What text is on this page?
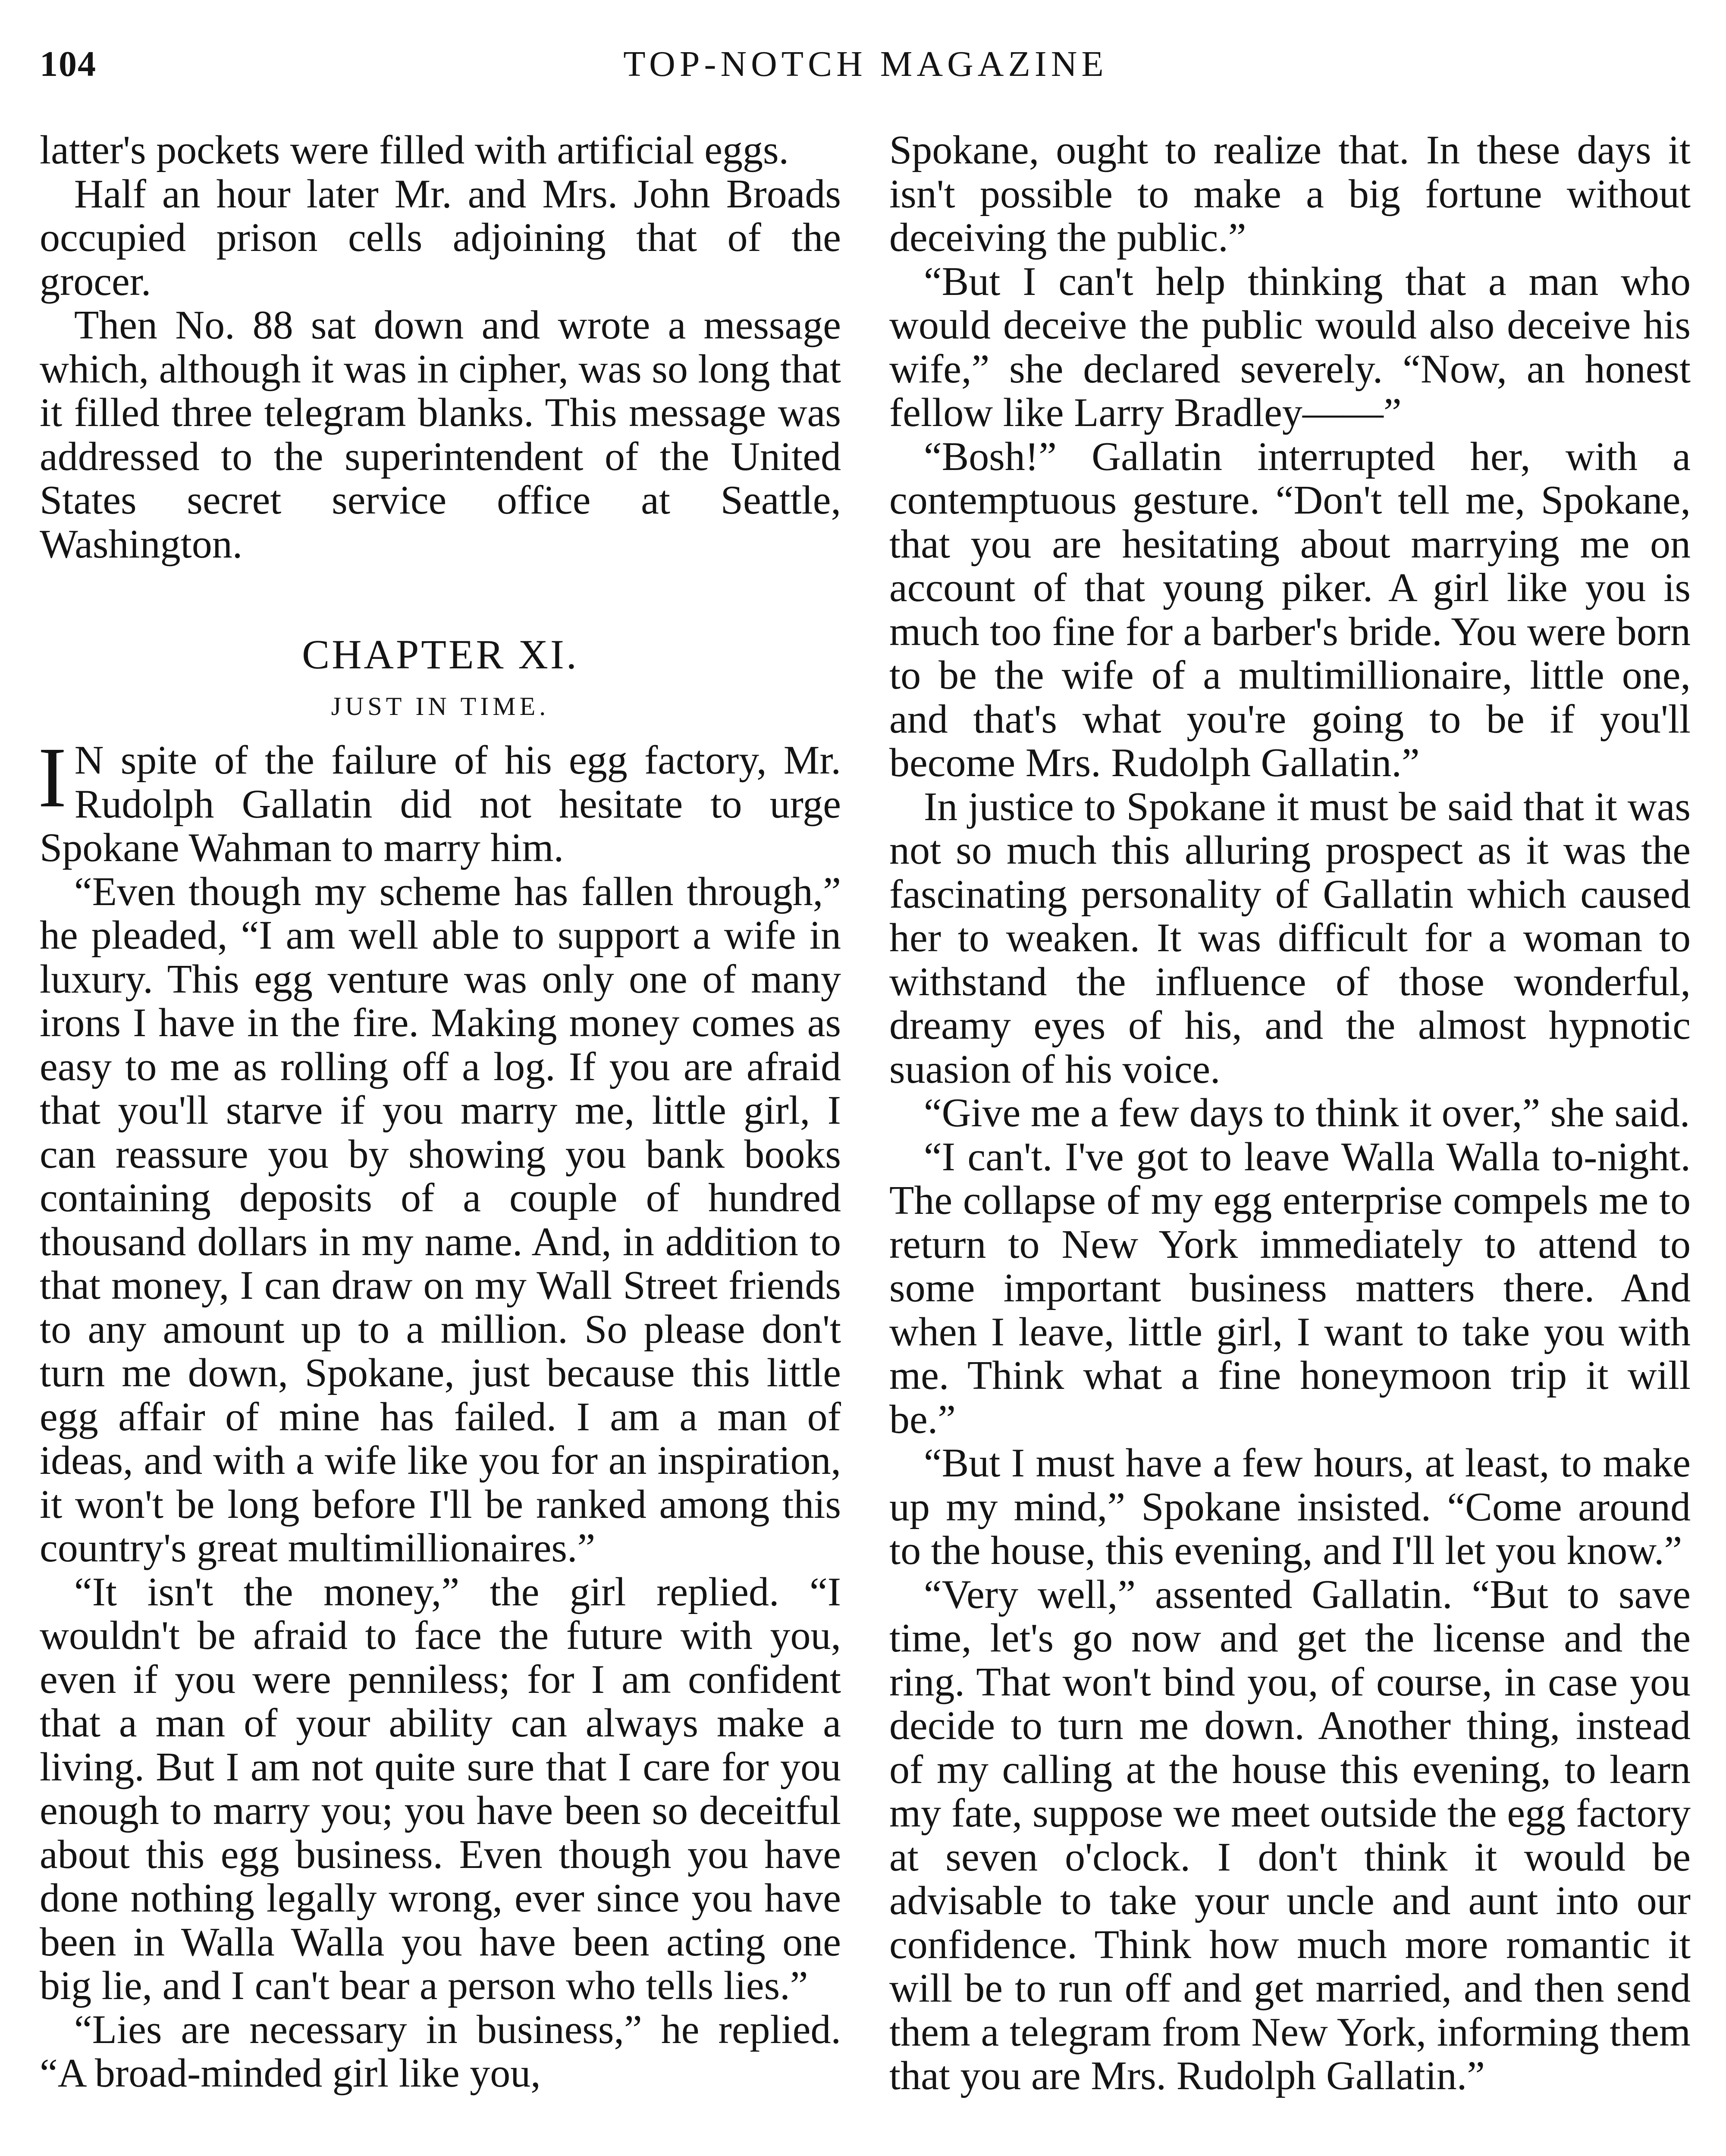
104	TOP-NOTCH MAGAZINE

latter's pockets were filled with artificial eggs.

Half an hour later Mr. and Mrs. John Broads occupied prison cells adjoining that of the grocer.

Then No. 88 sat down and wrote a message which, although it was in cipher, was so long that it filled three telegram blanks. This message was addressed to the superintendent of the United States secret service office at Seattle, Washington.

CHAPTER XI.
JUST IN TIME.

I N spite of the failure of his egg factory, Mr. Rudolph Gallatin did not hesitate to urge Spokane Wahman to marry him.

“Even though my scheme has fallen through,” he pleaded, “I am well able to support a wife in luxury. This egg venture was only one of many irons I have in the fire. Making money comes as easy to me as rolling off a log. If you are afraid that you'll starve if you marry me, little girl, I can reassure you by showing you bank books containing deposits of a couple of hundred thousand dollars in my name. And, in addition to that money, I can draw on my Wall Street friends to any amount up to a million. So please don't turn me down, Spokane, just because this little egg affair of mine has failed. I am a man of ideas, and with a wife like you for an inspiration, it won't be long before I'll be ranked among this country's great multimillionaires.”

“It isn't the money,” the girl replied. “I wouldn't be afraid to face the future with you, even if you were penniless; for I am confident that a man of your ability can always make a living. But I am not quite sure that I care for you enough to marry you; you have been so deceitful about this egg business. Even though you have done nothing legally wrong, ever since you have been in Walla Walla you have been acting one big lie, and I can't bear a person who tells lies.”

“Lies are necessary in business,” he replied. “A broad-minded girl like you,

Spokane, ought to realize that. In these days it isn't possible to make a big fortune without deceiving the public.”

“But I can't help thinking that a man who would deceive the public would also deceive his wife,” she declared severely. “Now, an honest fellow like Larry Bradley——”

“Bosh!” Gallatin interrupted her, with a contemptuous gesture. “Don't tell me, Spokane, that you are hesitating about marrying me on account of that young piker. A girl like you is much too fine for a barber's bride. You were born to be the wife of a multimillionaire, little one, and that's what you're going to be if you'll become Mrs. Rudolph Gallatin.”

In justice to Spokane it must be said that it was not so much this alluring prospect as it was the fascinating personality of Gallatin which caused her to weaken. It was difficult for a woman to withstand the influence of those wonderful, dreamy eyes of his, and the almost hypnotic suasion of his voice.

“Give me a few days to think it over,” she said.

“I can't. I've got to leave Walla Walla to-night. The collapse of my egg enterprise compels me to return to New York immediately to attend to some important business matters there. And when I leave, little girl, I want to take you with me. Think what a fine honeymoon trip it will be.”

“But I must have a few hours, at least, to make up my mind,” Spokane insisted. “Come around to the house, this evening, and I'll let you know.”

“Very well,” assented Gallatin. “But to save time, let's go now and get the license and the ring. That won't bind you, of course, in case you decide to turn me down. Another thing, instead of my calling at the house this evening, to learn my fate, suppose we meet outside the egg factory at seven o'clock. I don't think it would be advisable to take your uncle and aunt into our confidence. Think how much more romantic it will be to run off and get married, and then send them a telegram from New York, informing them that you are Mrs. Rudolph Gallatin.”
